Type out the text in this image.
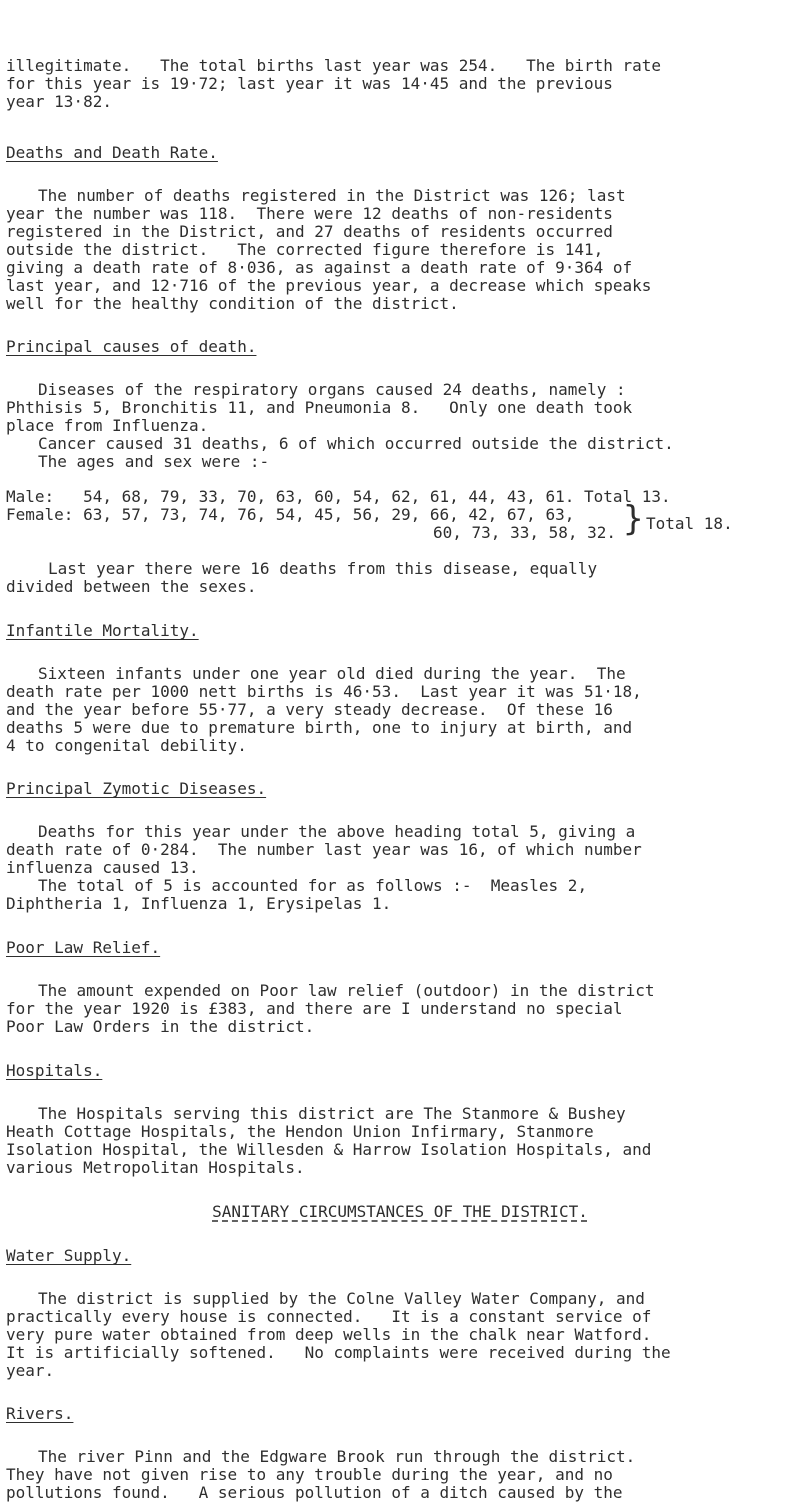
illegitimate.   The total births last year was 254.   The birth rate
for this year is 19·72; last year it was 14·45 and the previous
year 13·82.
Deaths and Death Rate.
The number of deaths registered in the District was 126; last
year the number was 118.  There were 12 deaths of non-residents
registered in the District, and 27 deaths of residents occurred
outside the district.   The corrected figure therefore is 141,
giving a death rate of 8·036, as against a death rate of 9·364 of
last year, and 12·716 of the previous year, a decrease which speaks
well for the healthy condition of the district.
Principal causes of death.
Diseases of the respiratory organs caused 24 deaths, namely :
Phthisis 5, Bronchitis 11, and Pneumonia 8.   Only one death took
place from Influenza.
Cancer caused 31 deaths, 6 of which occurred outside the district.
The ages and sex were :-
Male:   54, 68, 79, 33, 70, 63, 60, 54, 62, 61, 44, 43, 61. Total 13.
Female: 63, 57, 73, 74, 76, 54, 45, 56, 29, 66, 42, 67, 63,
60, 73, 33, 58, 32. } Total 18.
Last year there were 16 deaths from this disease, equally
divided between the sexes.
Infantile Mortality.
Sixteen infants under one year old died during the year.  The
death rate per 1000 nett births is 46·53.  Last year it was 51·18,
and the year before 55·77, a very steady decrease.  Of these 16
deaths 5 were due to premature birth, one to injury at birth, and
4 to congenital debility.
Principal Zymotic Diseases.
Deaths for this year under the above heading total 5, giving a
death rate of 0·284.  The number last year was 16, of which number
influenza caused 13.
The total of 5 is accounted for as follows :-  Measles 2,
Diphtheria 1, Influenza 1, Erysipelas 1.
Poor Law Relief.
The amount expended on Poor law relief (outdoor) in the district
for the year 1920 is £383, and there are I understand no special
Poor Law Orders in the district.
Hospitals.
The Hospitals serving this district are The Stanmore & Bushey
Heath Cottage Hospitals, the Hendon Union Infirmary, Stanmore
Isolation Hospital, the Willesden & Harrow Isolation Hospitals, and
various Metropolitan Hospitals.
SANITARY CIRCUMSTANCES OF THE DISTRICT.
Water Supply.
The district is supplied by the Colne Valley Water Company, and
practically every house is connected.   It is a constant service of
very pure water obtained from deep wells in the chalk near Watford.
It is artificially softened.   No complaints were received during the
year.
Rivers.
The river Pinn and the Edgware Brook run through the district.
They have not given rise to any trouble during the year, and no
pollutions found.   A serious pollution of a ditch caused by the
